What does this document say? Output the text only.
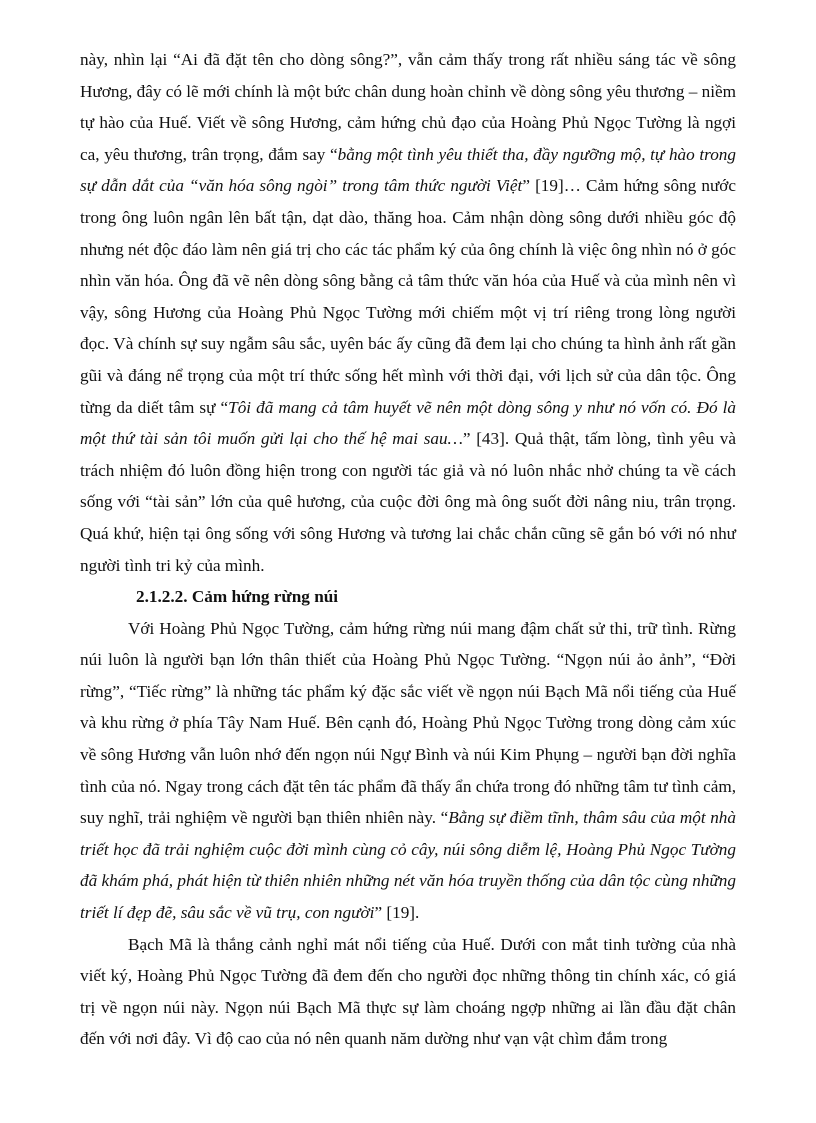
này, nhìn lại “Ai đã đặt tên cho dòng sông?”, vẫn cảm thấy trong rất nhiều sáng tác về sông Hương, đây có lẽ mới chính là một bức chân dung hoàn chỉnh về dòng sông yêu thương – niềm tự hào của Huế. Viết về sông Hương, cảm hứng chủ đạo của Hoàng Phủ Ngọc Tường là ngợi ca, yêu thương, trân trọng, đắm say “bằng một tình yêu thiết tha, đầy ngưỡng mộ, tự hào trong sự dẫn dắt của “văn hóa sông ngòi” trong tâm thức người Việt” [19]… Cảm hứng sông nước trong ông luôn ngân lên bất tận, dạt dào, thăng hoa. Cảm nhận dòng sông dưới nhiều góc độ nhưng nét độc đáo làm nên giá trị cho các tác phẩm ký của ông chính là việc ông nhìn nó ở góc nhìn văn hóa. Ông đã vẽ nên dòng sông bằng cả tâm thức văn hóa của Huế và của mình nên vì vậy, sông Hương của Hoàng Phủ Ngọc Tường mới chiếm một vị trí riêng trong lòng người đọc. Và chính sự suy ngẫm sâu sắc, uyên bác ấy cũng đã đem lại cho chúng ta hình ảnh rất gần gũi và đáng nể trọng của một trí thức sống hết mình với thời đại, với lịch sử của dân tộc. Ông từng da diết tâm sự “Tôi đã mang cả tâm huyết vẽ nên một dòng sông y như nó vốn có. Đó là một thứ tài sản tôi muốn gửi lại cho thế hệ mai sau…” [43]. Quả thật, tấm lòng, tình yêu và trách nhiệm đó luôn đồng hiện trong con người tác giả và nó luôn nhắc nhở chúng ta về cách sống với “tài sản” lớn của quê hương, của cuộc đời ông mà ông suốt đời nâng niu, trân trọng. Quá khứ, hiện tại ông sống với sông Hương và tương lai chắc chắn cũng sẽ gắn bó với nó như người tình tri kỷ của mình.

2.1.2.2. Cảm hứng rừng núi

Với Hoàng Phủ Ngọc Tường, cảm hứng rừng núi mang đậm chất sử thi, trữ tình. Rừng núi luôn là người bạn lớn thân thiết của Hoàng Phủ Ngọc Tường. “Ngọn núi ảo ảnh”, “Đời rừng”, “Tiếc rừng” là những tác phẩm ký đặc sắc viết về ngọn núi Bạch Mã nổi tiếng của Huế và khu rừng ở phía Tây Nam Huế. Bên cạnh đó, Hoàng Phủ Ngọc Tường trong dòng cảm xúc về sông Hương vẫn luôn nhớ đến ngọn núi Ngự Bình và núi Kim Phụng – người bạn đời nghĩa tình của nó. Ngay trong cách đặt tên tác phẩm đã thấy ẩn chứa trong đó những tâm tư tình cảm, suy nghĩ, trải nghiệm về người bạn thiên nhiên này. “Bằng sự điềm tĩnh, thâm sâu của một nhà triết học đã trải nghiệm cuộc đời mình cùng cỏ cây, núi sông diễm lệ, Hoàng Phủ Ngọc Tường đã khám phá, phát hiện từ thiên nhiên những nét văn hóa truyền thống của dân tộc cùng những triết lí đẹp đẽ, sâu sắc về vũ trụ, con người” [19].

Bạch Mã là thắng cảnh nghỉ mát nổi tiếng của Huế. Dưới con mắt tinh tường của nhà viết ký, Hoàng Phủ Ngọc Tường đã đem đến cho người đọc những thông tin chính xác, có giá trị về ngọn núi này. Ngọn núi Bạch Mã thực sự làm choáng ngợp những ai lần đầu đặt chân đến với nơi đây. Vì độ cao của nó nên quanh năm dường như vạn vật chìm đắm trong
